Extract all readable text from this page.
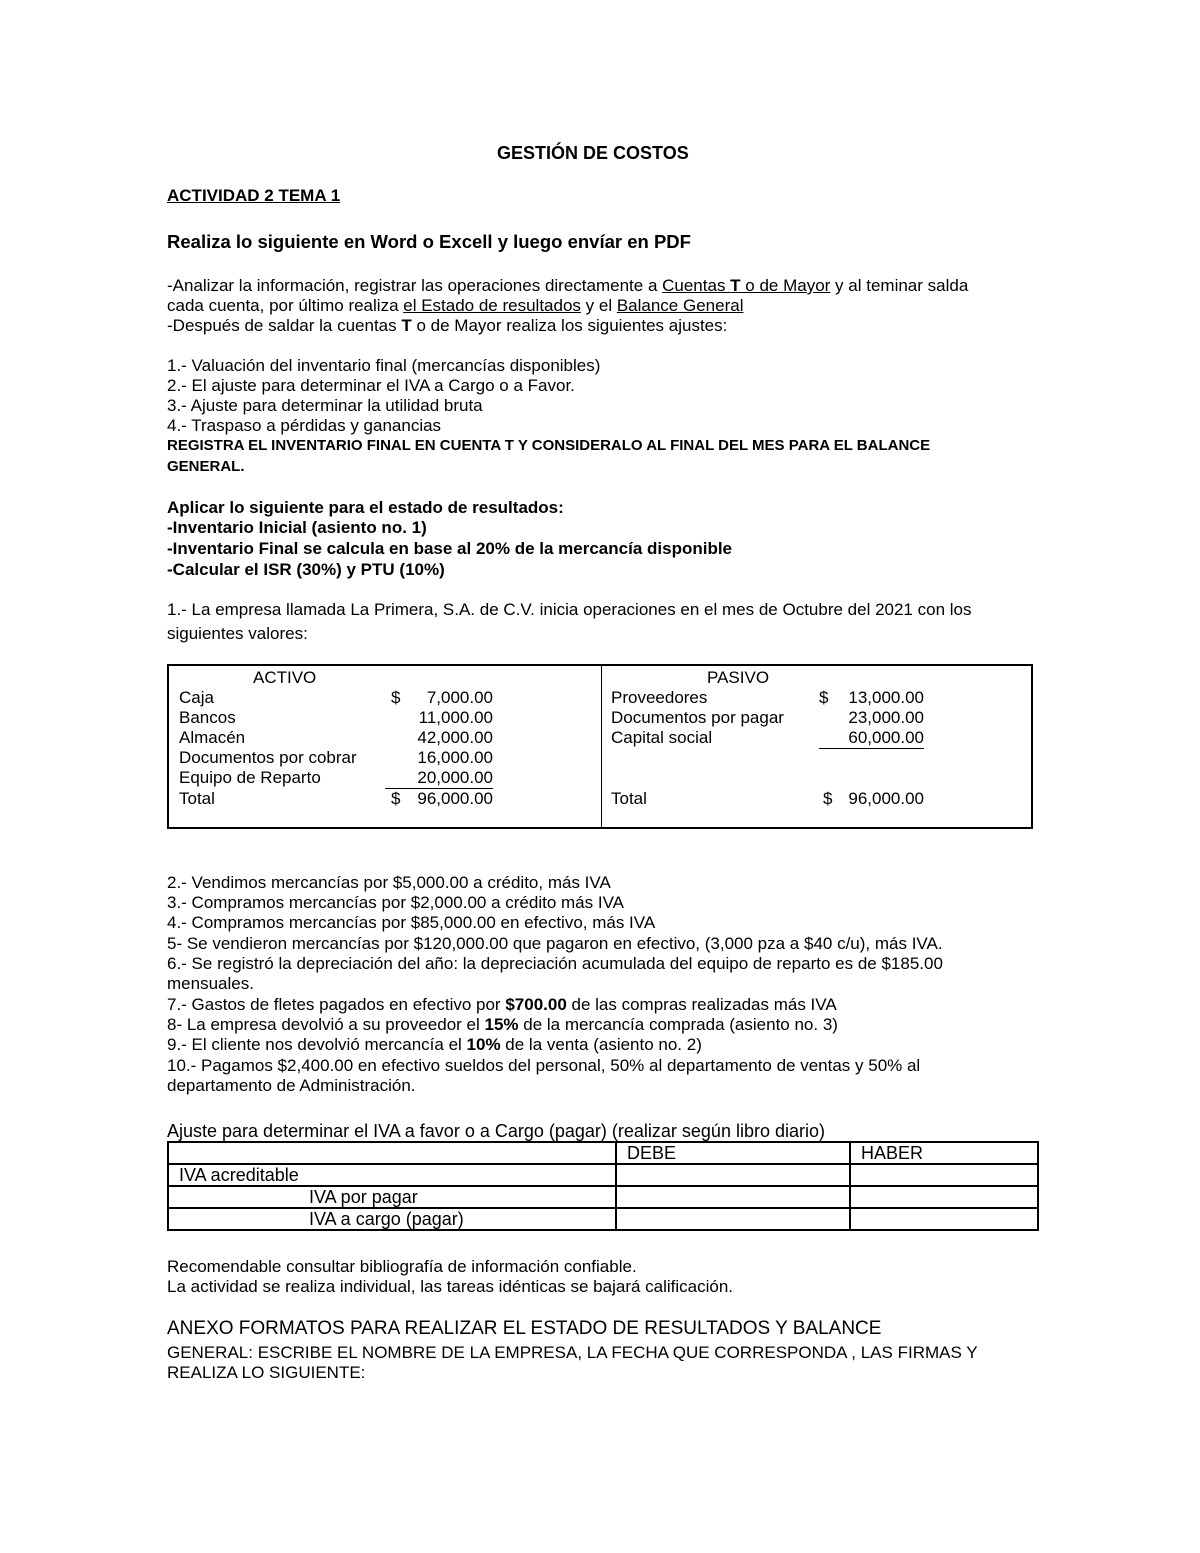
GESTIÓN DE COSTOS
ACTIVIDAD 2 TEMA 1
Realiza lo siguiente en Word o Excell y luego envíar en PDF
-Analizar la información, registrar las operaciones directamente a Cuentas T o de Mayor y al teminar salda
cada cuenta, por último realiza el Estado de resultados y el Balance General
-Después de saldar la cuentas T o de Mayor realiza los siguientes ajustes:
1.- Valuación del inventario final (mercancías disponibles)
2.- El ajuste para determinar el IVA a Cargo o a Favor.
3.- Ajuste para determinar la utilidad bruta
4.- Traspaso a pérdidas y ganancias
REGISTRA EL INVENTARIO FINAL EN CUENTA T Y CONSIDERALO AL FINAL DEL MES PARA EL BALANCE
GENERAL.
Aplicar lo siguiente para el estado de resultados:
-Inventario Inicial (asiento no. 1)
-Inventario Final se calcula en base al 20% de la mercancía disponible
-Calcular el ISR (30%) y PTU (10%)
1.- La empresa llamada La Primera, S.A. de C.V. inicia operaciones en el mes de Octubre del 2021 con los
siguientes valores:
ACTIVO	PASIVO
Caja	$	7,000.00
Bancos	11,000.00
Almacén	42,000.00
Documentos por cobrar	16,000.00
Equipo de Reparto	20,000.00
Total	$ 96,000.00
Proveedores	$	13,000.00
Documentos por pagar	23,000.00
Capital social	60,000.00
Total	$ 96,000.00
2.- Vendimos mercancías por $5,000.00 a crédito, más IVA
3.- Compramos mercancías por $2,000.00 a crédito más IVA
4.- Compramos mercancías por $85,000.00 en efectivo, más IVA
5- Se vendieron mercancías por $120,000.00 que pagaron en efectivo, (3,000 pza a $40 c/u), más IVA.
6.- Se registró la depreciación del año: la depreciación acumulada del equipo de reparto es de $185.00
mensuales.
7.- Gastos de fletes pagados en efectivo por $700.00 de las compras realizadas más IVA
8- La empresa devolvió a su proveedor el 15% de la mercancía comprada (asiento no. 3)
9.- El cliente nos devolvió mercancía el 10% de la venta (asiento no. 2)
10.- Pagamos $2,400.00 en efectivo sueldos del personal, 50% al departamento de ventas y 50% al
departamento de Administración.
Ajuste para determinar el IVA a favor o a Cargo (pagar) (realizar según libro diario)
	DEBE	HABER
IVA acreditable		
IVA por pagar		
IVA a cargo (pagar)		
Recomendable consultar bibliografía de información confiable.
La actividad se realiza individual, las tareas idénticas se bajará calificación.
ANEXO FORMATOS PARA REALIZAR EL ESTADO DE RESULTADOS Y BALANCE
GENERAL: ESCRIBE EL NOMBRE DE LA EMPRESA, LA FECHA QUE CORRESPONDA , LAS FIRMAS Y
REALIZA LO SIGUIENTE:
